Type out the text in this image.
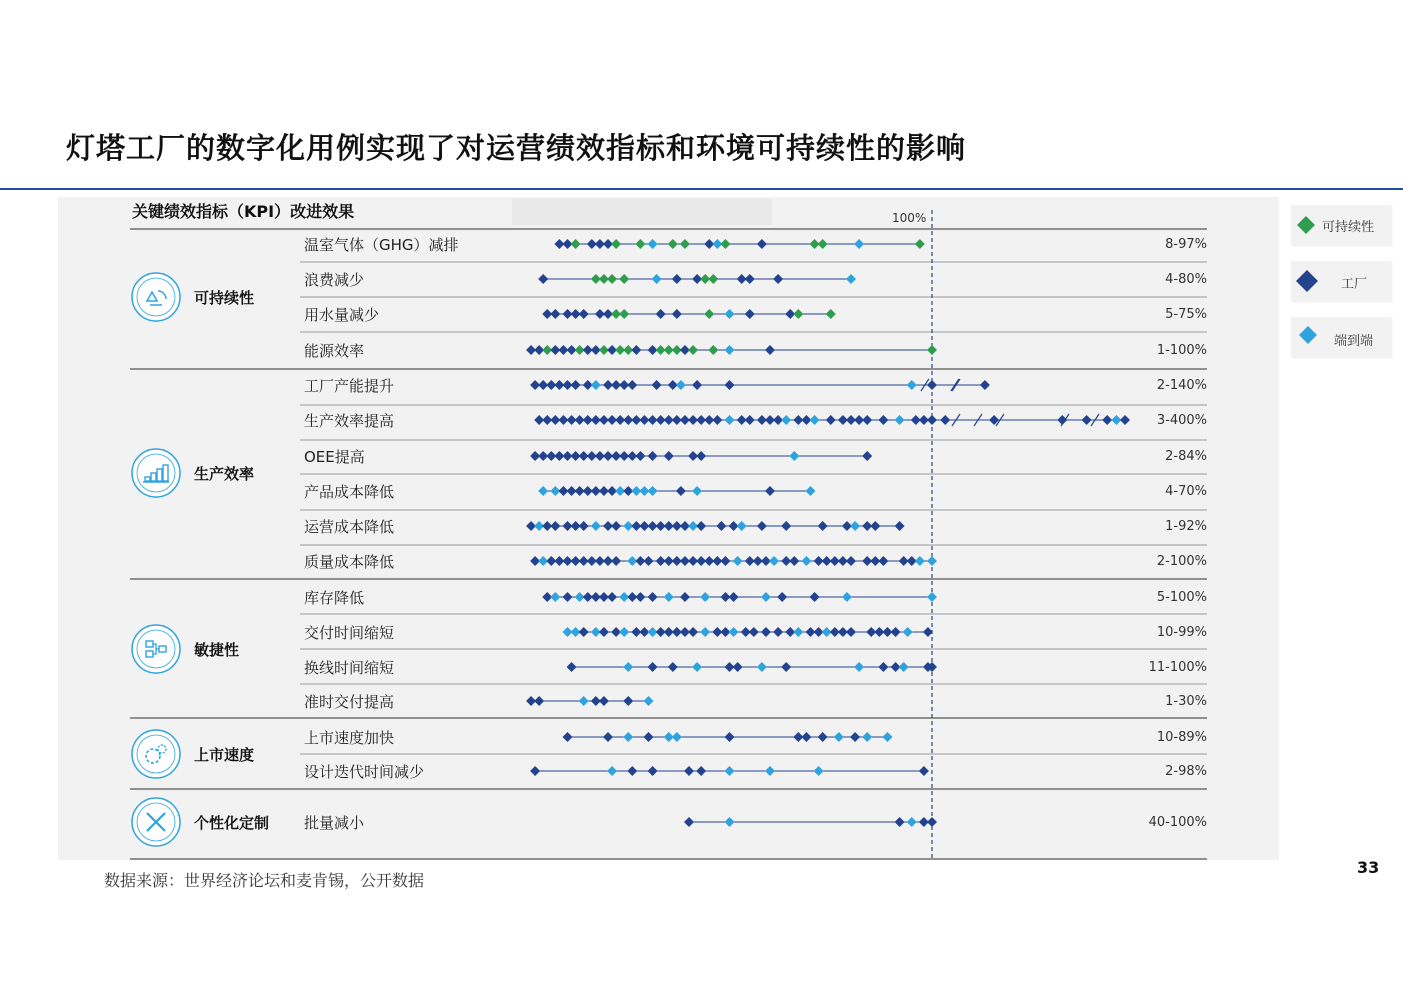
灯塔工厂的数字化用例实现了对运营绩效指标和环境可持续性的影响
关键绩效指标（KPI）改进效果	100%
可持续性
温室气体（GHG）减排	8-97%
浪费减少	4-80%
用水量减少	5-75%
能源效率	1-100%
生产效率
工厂产能提升	2-140%
生产效率提高	3-400%
OEE提高	2-84%
产品成本降低	4-70%
运营成本降低	1-92%
质量成本降低	2-100%
敏捷性
库存降低	5-100%
交付时间缩短	10-99%
换线时间缩短	11-100%
准时交付提高	1-30%
上市速度
上市速度加快	10-89%
设计迭代时间减少	2-98%
个性化定制 批量减小	40-100%
可持续性
工厂
端到端
数据来源：世界经济论坛和麦肯锡，公开数据
33
